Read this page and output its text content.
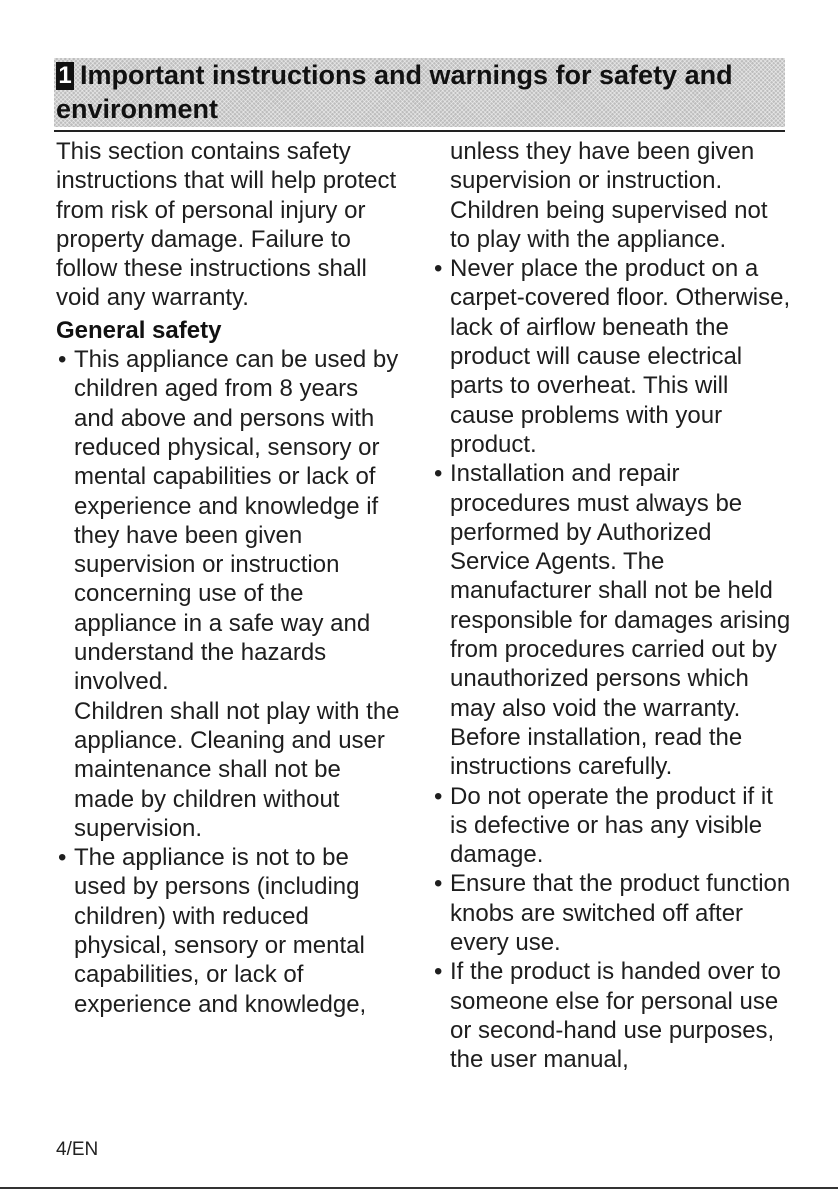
1 Important instructions and warnings for safety and environment

This section contains safety instructions that will help protect from risk of personal injury or property damage. Failure to follow these instructions shall void any warranty.

General safety
• This appliance can be used by children aged from 8 years and above and persons with reduced physical, sensory or mental capabilities or lack of experience and knowledge if they have been given supervision or instruction concerning use of the appliance in a safe way and understand the hazards involved.
Children shall not play with the appliance. Cleaning and user maintenance shall not be made by children without supervision.
• The appliance is not to be used by persons (including children) with reduced physical, sensory or mental capabilities, or lack of experience and knowledge,

unless they have been given supervision or instruction. Children being supervised not to play with the appliance.

• Never place the product on a carpet-covered floor. Otherwise, lack of airflow beneath the product will cause electrical parts to overheat. This will cause problems with your product.
• Installation and repair procedures must always be performed by Authorized Service Agents. The manufacturer shall not be held responsible for damages arising from procedures carried out by unauthorized persons which may also void the warranty. Before installation, read the instructions carefully.
• Do not operate the product if it is defective or has any visible damage.
• Ensure that the product function knobs are switched off after every use.
• If the product is handed over to someone else for personal use or second-hand use purposes, the user manual,
4/EN
